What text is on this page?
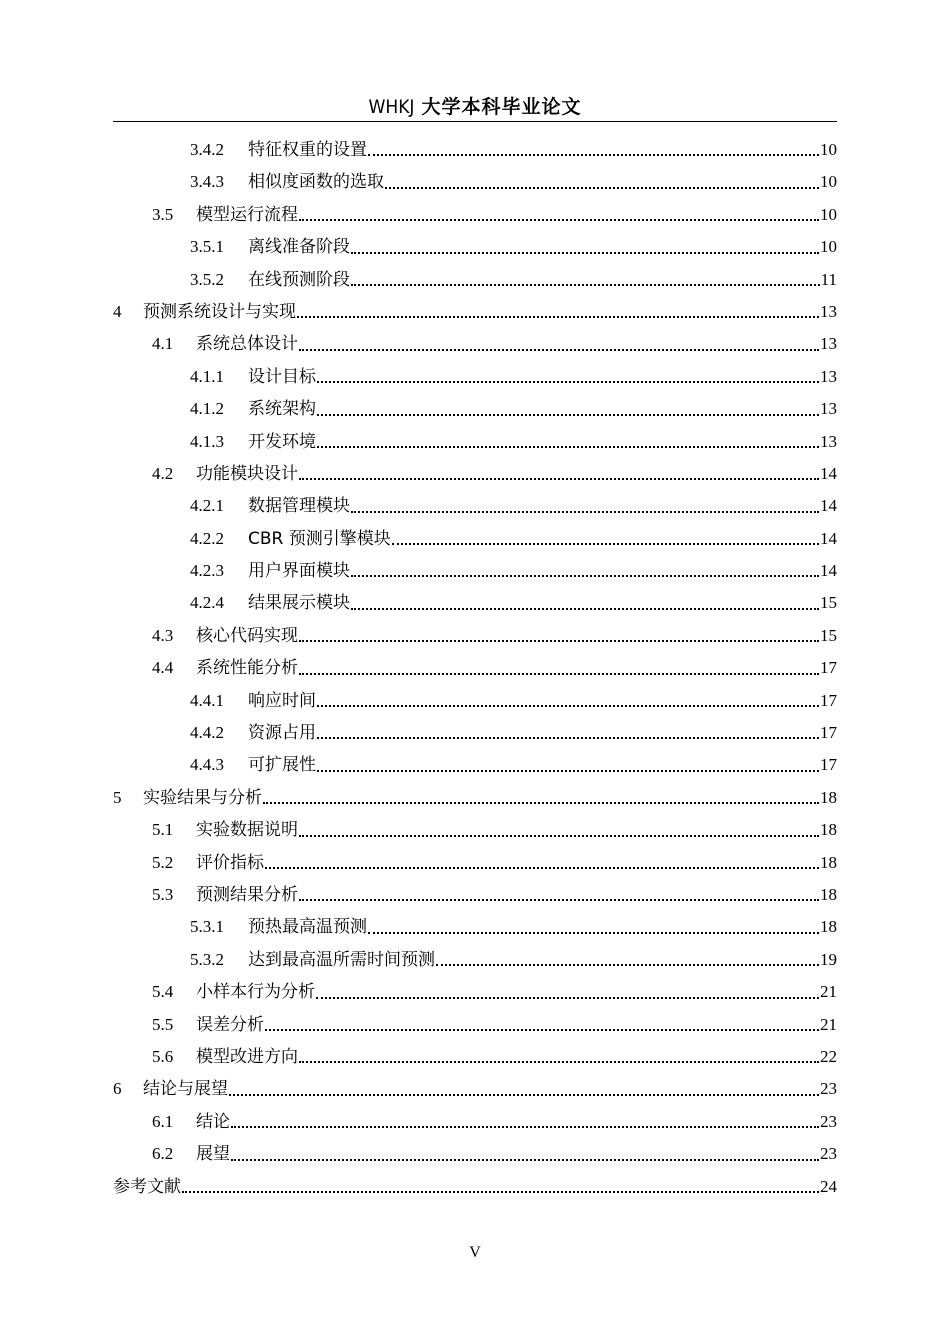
WHKJ 大学本科毕业论文
3.4.2	特征权重的设置	10
3.4.3	相似度函数的选取	10
3.5	模型运行流程	10
3.5.1	离线准备阶段	10
3.5.2	在线预测阶段	11
4	预测系统设计与实现	13
4.1	系统总体设计	13
4.1.1	设计目标	13
4.1.2	系统架构	13
4.1.3	开发环境	13
4.2	功能模块设计	14
4.2.1	数据管理模块	14
4.2.2	CBR 预测引擎模块	14
4.2.3	用户界面模块	14
4.2.4	结果展示模块	15
4.3	核心代码实现	15
4.4	系统性能分析	17
4.4.1	响应时间	17
4.4.2	资源占用	17
4.4.3	可扩展性	17
5	实验结果与分析	18
5.1	实验数据说明	18
5.2	评价指标	18
5.3	预测结果分析	18
5.3.1	预热最高温预测	18
5.3.2	达到最高温所需时间预测	19
5.4	小样本行为分析	21
5.5	误差分析	21
5.6	模型改进方向	22
6	结论与展望	23
6.1	结论	23
6.2	展望	23
参考文献	24
V
